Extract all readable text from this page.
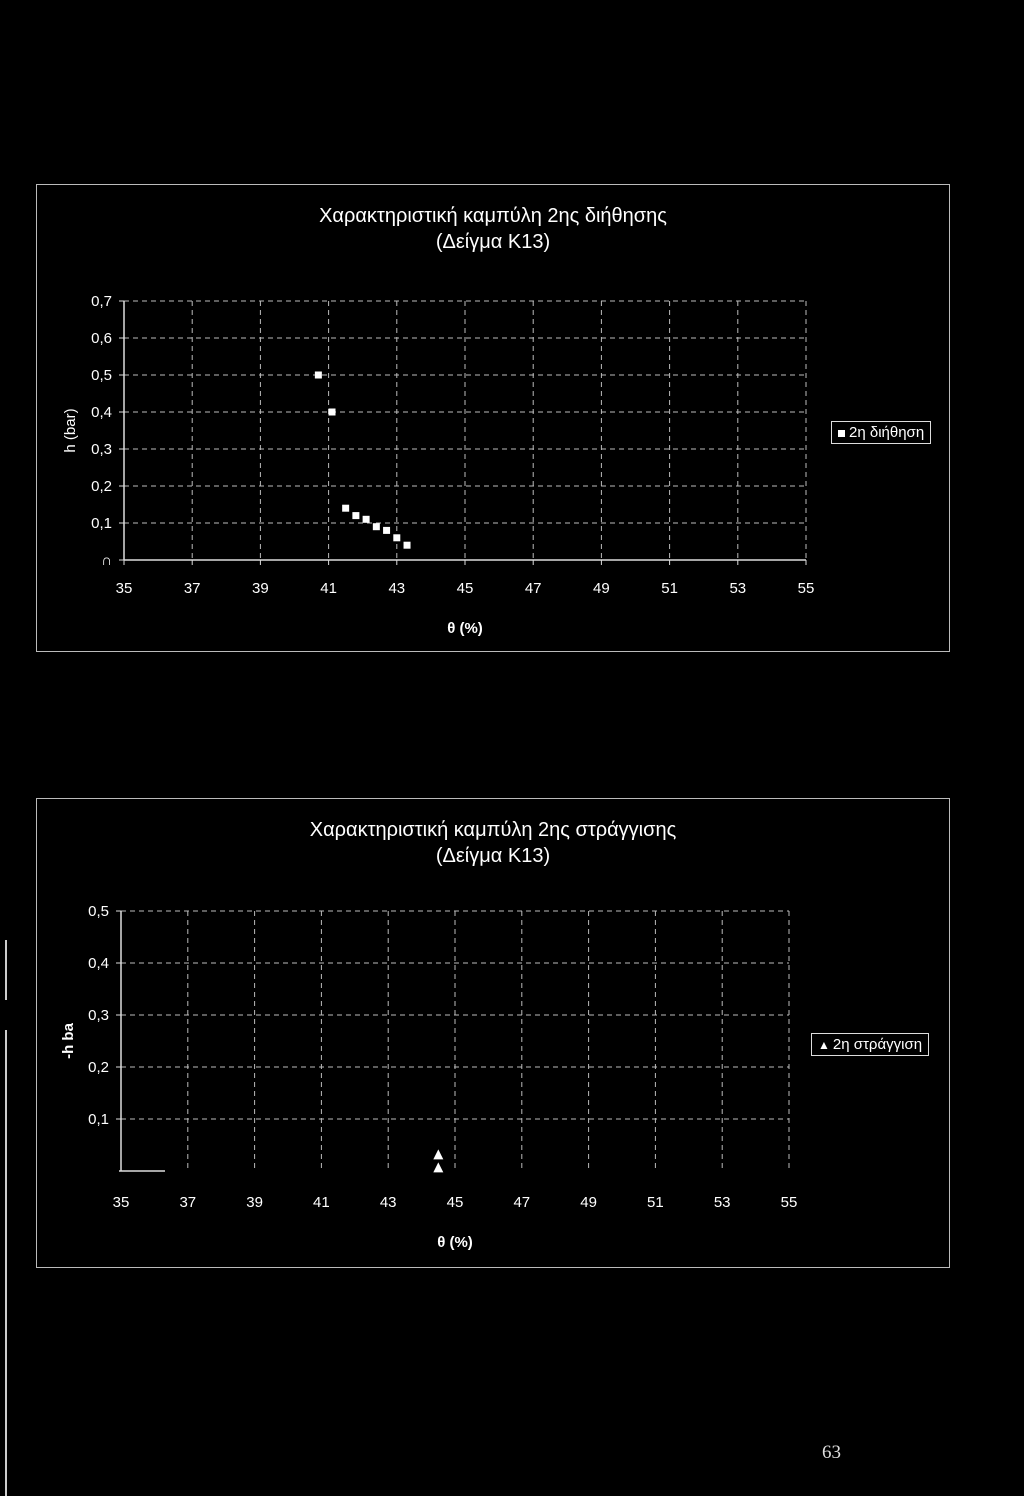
Χαρακτηριστική καμπύλη 2ης διήθησης
(Δείγμα Κ13)
∩
0,1
0,2
0,3
0,4
0,5
0,6
0,7
35	37	39	41	43	45	47	49	51	53	55
θ (%)
h (bar)	2η διήθηση
Χαρακτηριστική καμπύλη 2ης στράγγισης
(Δείγμα Κ13)
0,1
0,2
0,3
0,4
0,5
35	37	39	41	43	45	47	49	51	53	55
θ (%)
-h ba	▲ 2η στράγγιση
63
